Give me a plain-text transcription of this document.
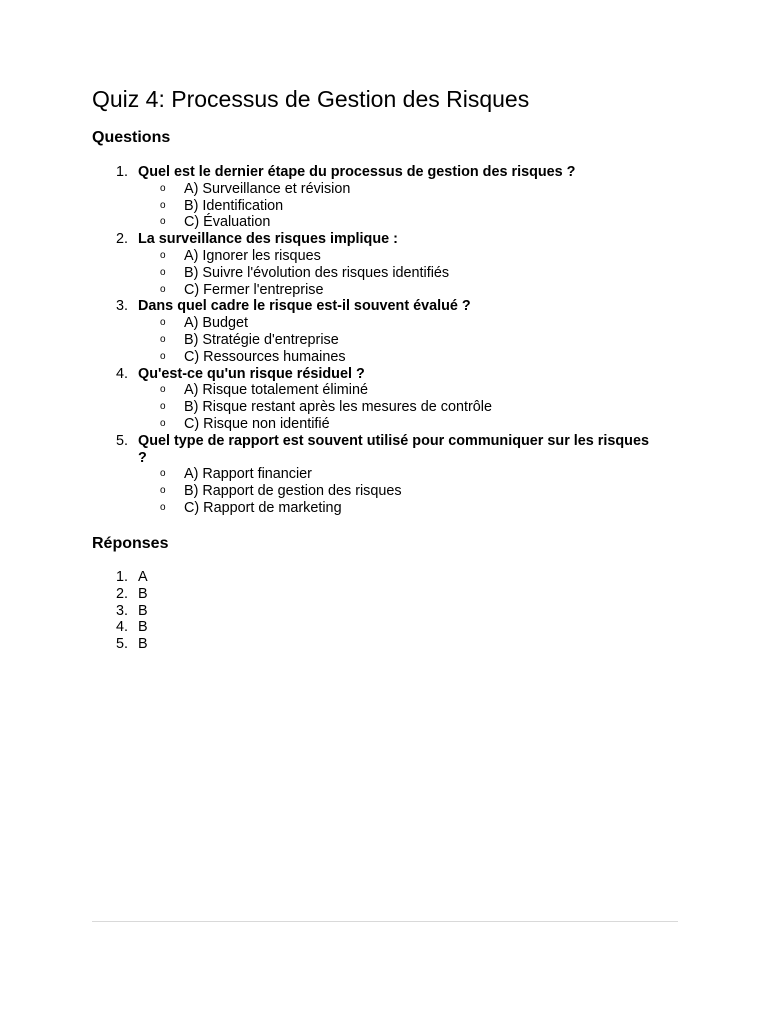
Quiz 4: Processus de Gestion des Risques
Questions
1. Quel est le dernier étape du processus de gestion des risques ?
o A) Surveillance et révision
o B) Identification
o C) Évaluation
2. La surveillance des risques implique :
o A) Ignorer les risques
o B) Suivre l'évolution des risques identifiés
o C) Fermer l'entreprise
3. Dans quel cadre le risque est-il souvent évalué ?
o A) Budget
o B) Stratégie d'entreprise
o C) Ressources humaines
4. Qu'est-ce qu'un risque résiduel ?
o A) Risque totalement éliminé
o B) Risque restant après les mesures de contrôle
o C) Risque non identifié
5. Quel type de rapport est souvent utilisé pour communiquer sur les risques ?
o A) Rapport financier
o B) Rapport de gestion des risques
o C) Rapport de marketing
Réponses
1. A
2. B
3. B
4. B
5. B
